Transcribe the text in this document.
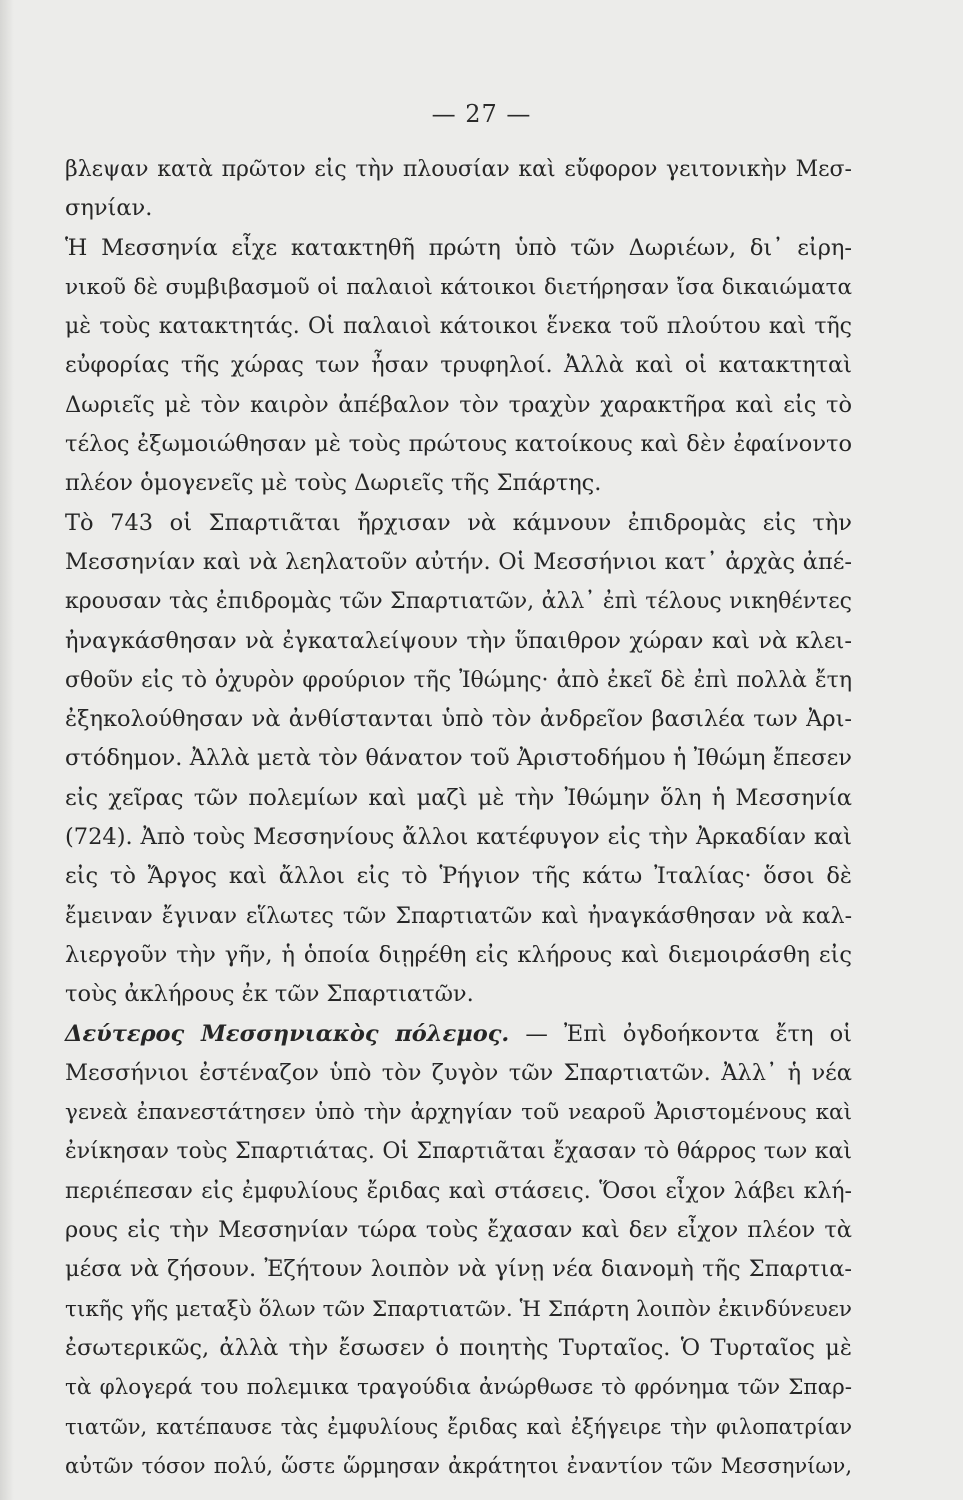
— 27 —
βλεψαν κατὰ πρῶτον εἰς τὴν πλουσίαν καὶ εὔφορον γειτονικὴν Μεσ-
σηνίαν.
Ἡ Μεσσηνία εἶχε κατακτηθῆ πρώτη ὑπὸ τῶν Δωριέων, δι᾽ εἰρη-
νικοῦ δὲ συμβιβασμοῦ οἱ παλαιοὶ κάτοικοι διετήρησαν ἴσα δικαιώματα
μὲ τοὺς κατακτητάς. Οἱ παλαιοὶ κάτοικοι ἕνεκα τοῦ πλούτου καὶ τῆς
εὐφορίας τῆς χώρας των ἦσαν τρυφηλοί. Ἀλλὰ καὶ οἱ κατακτηταὶ
Δωριεῖς μὲ τὸν καιρὸν ἀπέβαλον τὸν τραχὺν χαρακτῆρα καὶ εἰς τὸ
τέλος ἐξωμοιώθησαν μὲ τοὺς πρώτους κατοίκους καὶ δὲν ἐφαίνοντο
πλέον ὁμογενεῖς μὲ τοὺς Δωριεῖς τῆς Σπάρτης.
Τὸ 743 οἱ Σπαρτιᾶται ἤρχισαν νὰ κάμνουν ἐπιδρομὰς εἰς τὴν
Μεσσηνίαν καὶ νὰ λεηλατοῦν αὐτήν. Οἱ Μεσσήνιοι κατ᾽ ἀρχὰς ἀπέ-
κρουσαν τὰς ἐπιδρομὰς τῶν Σπαρτιατῶν, ἀλλ᾽ ἐπὶ τέλους νικηθέντες
ἠναγκάσθησαν νὰ ἐγκαταλείψουν τὴν ὕπαιθρον χώραν καὶ νὰ κλει-
σθοῦν εἰς τὸ ὀχυρὸν φρούριον τῆς Ἰθώμης· ἀπὸ ἐκεῖ δὲ ἐπὶ πολλὰ ἔτη
ἐξηκολούθησαν νὰ ἀνθίστανται ὑπὸ τὸν ἀνδρεῖον βασιλέα των Ἀρι-
στόδημον. Ἀλλὰ μετὰ τὸν θάνατον τοῦ Ἀριστοδήμου ἡ Ἰθώμη ἔπεσεν
εἰς χεῖρας τῶν πολεμίων καὶ μαζὶ μὲ τὴν Ἰθώμην ὅλη ἡ Μεσσηνία
(724). Ἀπὸ τοὺς Μεσσηνίους ἄλλοι κατέφυγον εἰς τὴν Ἀρκαδίαν καὶ
εἰς τὸ Ἄργος καὶ ἄλλοι εἰς τὸ Ῥήγιον τῆς κάτω Ἰταλίας· ὅσοι δὲ
ἔμειναν ἔγιναν εἵλωτες τῶν Σπαρτιατῶν καὶ ἠναγκάσθησαν νὰ καλ-
λιεργοῦν τὴν γῆν, ἡ ὁποία διῃρέθη εἰς κλήρους καὶ διεμοιράσθη εἰς
τοὺς ἀκλήρους ἐκ τῶν Σπαρτιατῶν.
Δεύτερος Μεσσηνιακὸς πόλεμος. — Ἐπὶ ὀγδοήκοντα ἔτη οἱ
Μεσσήνιοι ἐστέναζον ὑπὸ τὸν ζυγὸν τῶν Σπαρτιατῶν. Ἀλλ᾽ ἡ νέα
γενεὰ ἐπανεστάτησεν ὑπὸ τὴν ἀρχηγίαν τοῦ νεαροῦ Ἀριστομένους καὶ
ἐνίκησαν τοὺς Σπαρτιάτας. Οἱ Σπαρτιᾶται ἔχασαν τὸ θάρρος των καὶ
περιέπεσαν εἰς ἐμφυλίους ἔριδας καὶ στάσεις. Ὅσοι εἶχον λάβει κλή-
ρους εἰς τὴν Μεσσηνίαν τώρα τοὺς ἔχασαν καὶ δεν εἶχον πλέον τὰ
μέσα νὰ ζήσουν. Ἐζήτουν λοιπὸν νὰ γίνῃ νέα διανομὴ τῆς Σπαρτια-
τικῆς γῆς μεταξὺ ὅλων τῶν Σπαρτιατῶν. Ἡ Σπάρτη λοιπὸν ἐκινδύνευεν
ἐσωτερικῶς, ἀλλὰ τὴν ἔσωσεν ὁ ποιητὴς Τυρταῖος. Ὁ Τυρταῖος μὲ
τὰ φλογερά του πολεμικα τραγούδια ἀνώρθωσε τὸ φρόνημα τῶν Σπαρ-
τιατῶν, κατέπαυσε τὰς ἐμφυλίους ἔριδας καὶ ἐξήγειρε τὴν φιλοπατρίαν
αὐτῶν τόσον πολύ, ὥστε ὥρμησαν ἀκράτητοι ἐναντίον τῶν Μεσσηνίων,
